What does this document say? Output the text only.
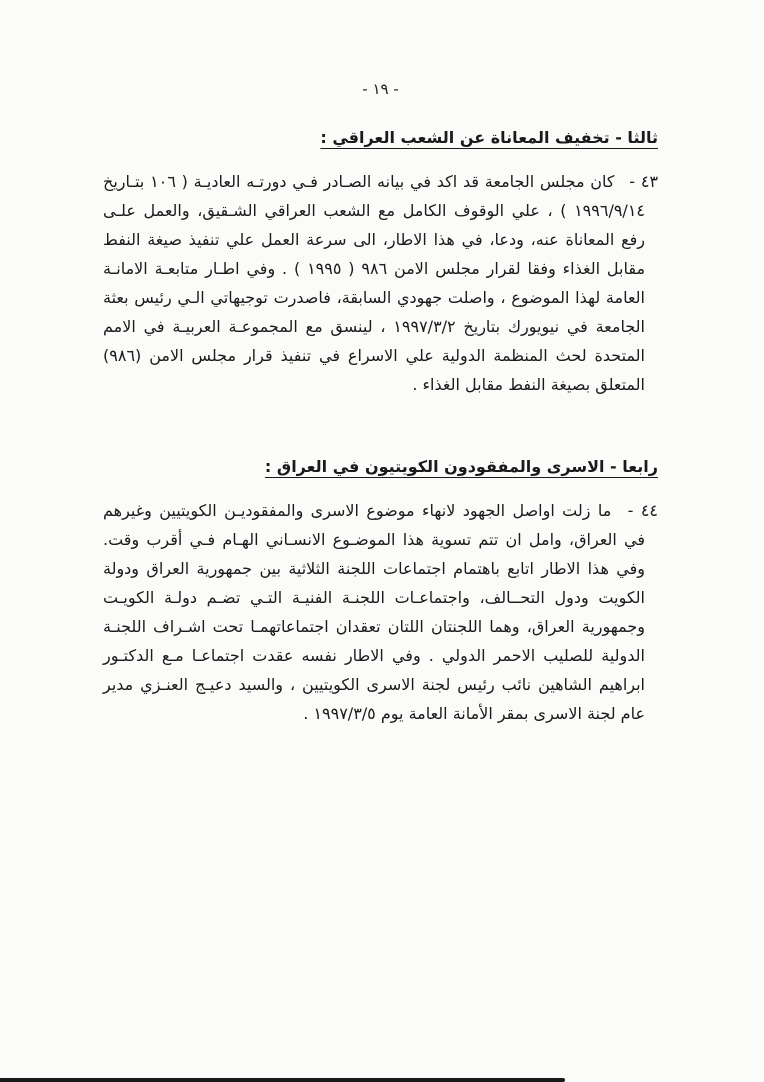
- ١٩ -
ثالثا - تخفيف المعاناة عن الشعب العراقي :

٤٣ - كان مجلس الجامعة قد اكد في بيانه الصـادر فـي دورتـه العاديـة ( ١٠٦ بتـاريخ ١٩٩٦/٩/١٤ ) ، علي الوقوف الكامل مع الشعب العراقي الشـقيق، والعمل علـى رفع المعاناة عنه، ودعا، في هذا الاطار، الى سرعة العمل علي تنفيذ صيغة النفط مقابل الغذاء وفقا لقرار مجلس الامن ٩٨٦ ( ١٩٩٥ ) . وفي اطـار متابعـة الامانـة العامة لهذا الموضوع ، واصلت جهودي السابقة، فاصدرت توجيهاتي الـي رئيس بعثة الجامعة في نيويورك بتاريخ ١٩٩٧/٣/٢ ، لينسق مع المجموعـة العربيـة في الامم المتحدة لحث المنظمة الدولية علي الاسراع في تنفيذ قرار مجلس الامن (٩٨٦) المتعلق بصيغة النفط مقابل الغذاء .

رابعا - الاسرى والمفقودون الكويتيون في العراق :

٤٤ - ما زلت اواصل الجهود لانهاء موضوع الاسرى والمفقوديـن الكويتيين وغيرهم في العراق، وامل ان تتم تسوية هذا الموضـوع الانسـاني الهـام فـي أقرب وقت. وفي هذا الاطار اتابع باهتمام اجتماعات اللجنة الثلاثية بين جمهورية العراق ودولة الكويت ودول التحــالف، واجتماعـات اللجنـة الفنيـة التـي تضـم دولـة الكويـت وجمهورية العراق، وهما اللجنتان اللتان تعقدان اجتماعاتهمـا تحت اشـراف اللجنـة الدولية للصليب الاحمر الدولي . وفي الاطار نفسه عقدت اجتماعـا مـع الدكتـور ابراهيم الشاهين نائب رئيس لجنة الاسرى الكويتيين ، والسيد دعيـج العنـزي مدير عام لجنة الاسرى بمقر الأمانة العامة يوم ١٩٩٧/٣/٥ .
